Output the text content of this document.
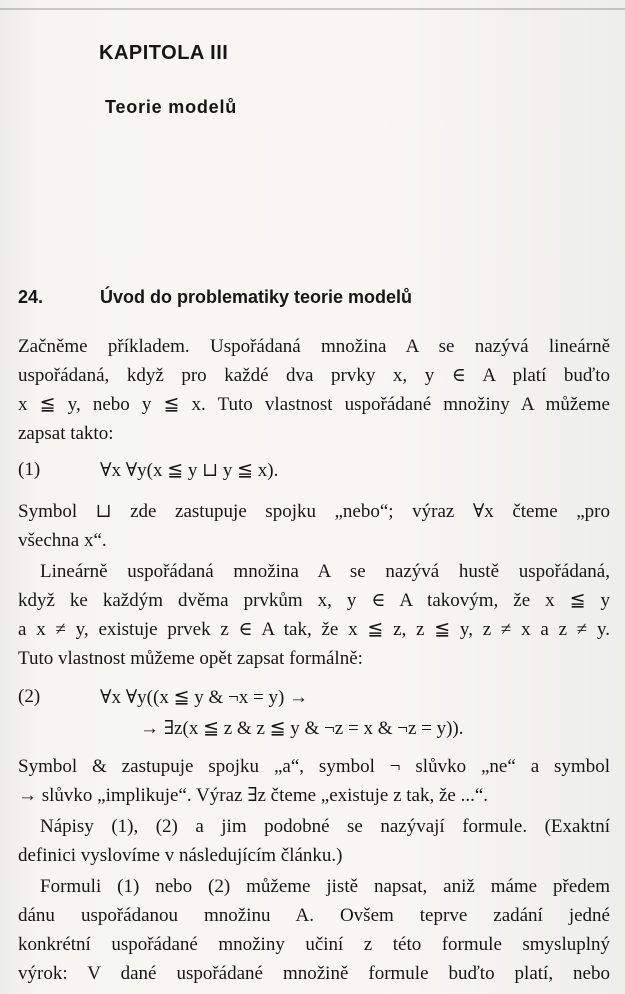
KAPITOLA III
Teorie modelů
24.	Úvod do problematiky teorie modelů
Začněme příkladem. Uspořádaná množina A se nazývá lineárně
uspořádaná, když pro každé dva prvky x, y ∈ A platí buďto
x ≦ y, nebo y ≦ x. Tuto vlastnost uspořádané množiny A můžeme
zapsat takto:
(1)	∀x ∀y(x ≦ y ⊔ y ≦ x).
Symbol ⊔ zde zastupuje spojku „nebo“; výraz ∀x čteme „pro
všechna x“.
Lineárně uspořádaná množina A se nazývá hustě uspořádaná,
když ke každým dvěma prvkům x, y ∈ A takovým, že x ≦ y
a x ≠ y, existuje prvek z ∈ A tak, že x ≦ z, z ≦ y, z ≠ x a z ≠ y.
Tuto vlastnost můžeme opět zapsat formálně:
(2)	∀x ∀y((x ≦ y & ¬x = y) →
→ ∃z(x ≦ z & z ≦ y & ¬z = x & ¬z = y)).
Symbol & zastupuje spojku „a“, symbol ¬ slůvko „ne“ a symbol
→ slůvko „implikuje“. Výraz ∃z čteme „existuje z tak, že ...“.
Nápisy (1), (2) a jim podobné se nazývají formule. (Exaktní
definici vyslovíme v následujícím článku.)
Formuli (1) nebo (2) můžeme jistě napsat, aniž máme předem
dánu uspořádanou množinu A. Ovšem teprve zadání jedné
konkrétní uspořádané množiny učiní z této formule smysluplný
výrok: V dané uspořádané množině formule buďto platí, nebo
